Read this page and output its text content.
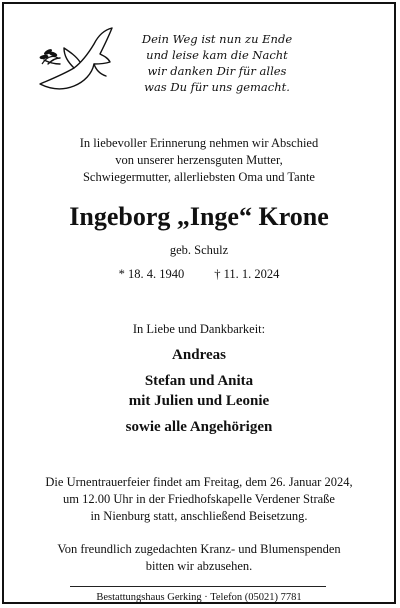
Dein Weg ist nun zu Ende
und leise kam die Nacht
wir danken Dir für alles
was Du für uns gemacht.
In liebevoller Erinnerung nehmen wir Abschied
von unserer herzensguten Mutter,
Schwiegermutter, allerliebsten Oma und Tante
Ingeborg „Inge“ Krone
geb. Schulz
* 18. 4. 1940 † 11. 1. 2024
In Liebe und Dankbarkeit:
Andreas
Stefan und Anita
mit Julien und Leonie
sowie alle Angehörigen
Die Urnentrauerfeier findet am Freitag, dem 26. Januar 2024,
um 12.00 Uhr in der Friedhofskapelle Verdener Straße
in Nienburg statt, anschließend Beisetzung.
Von freundlich zugedachten Kranz- und Blumenspenden
bitten wir abzusehen.
Bestattungshaus Gerking · Telefon (05021) 7781
